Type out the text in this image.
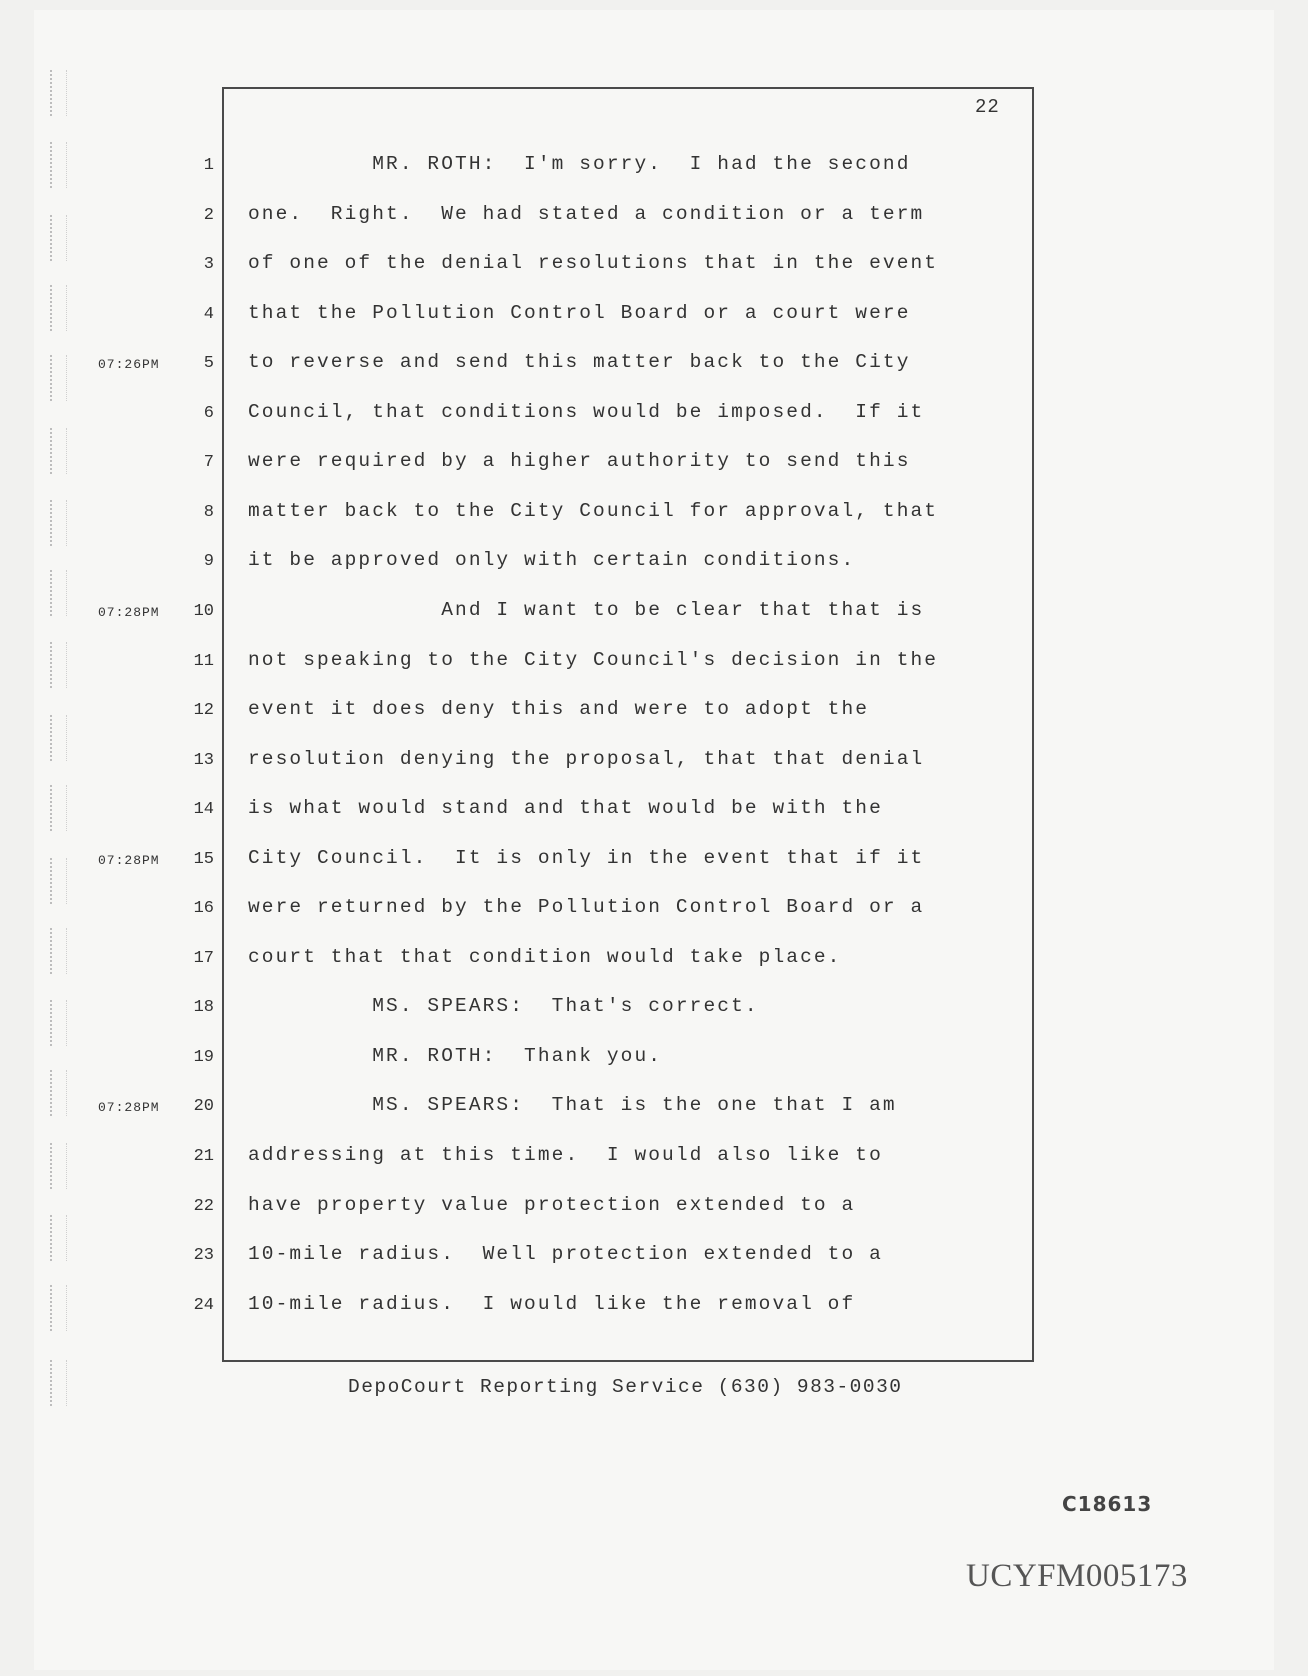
22
1 MR. ROTH:  I'm sorry.  I had the second
2 one.  Right.  We had stated a condition or a term
3 of one of the denial resolutions that in the event
4 that the Pollution Control Board or a court were
07:26PM	5 to reverse and send this matter back to the City
6 Council, that conditions would be imposed.  If it
7 were required by a higher authority to send this
8 matter back to the City Council for approval, that
9 it be approved only with certain conditions.
07:28PM	10 And I want to be clear that that is
11 not speaking to the City Council's decision in the
12 event it does deny this and were to adopt the
13 resolution denying the proposal, that that denial
14 is what would stand and that would be with the
07:28PM	15 City Council.  It is only in the event that if it
16 were returned by the Pollution Control Board or a
17 court that that condition would take place.
18 MS. SPEARS:  That's correct.
19 MR. ROTH:  Thank you.
07:28PM	20 MS. SPEARS:  That is the one that I am
21 addressing at this time.  I would also like to
22 have property value protection extended to a
23 10-mile radius.  Well protection extended to a
24 10-mile radius.  I would like the removal of
DepoCourt Reporting Service (630) 983-0030
C18613
UCYFM005173
